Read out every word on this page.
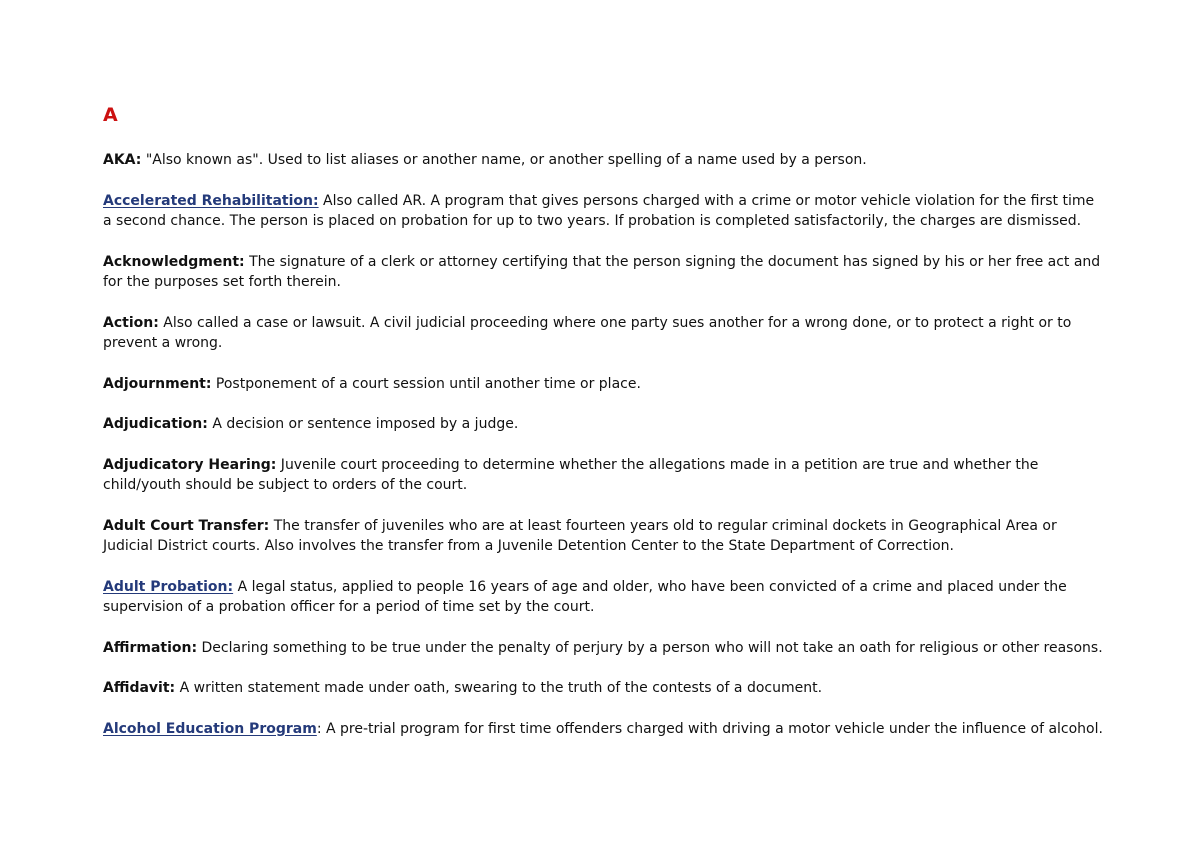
A

AKA: "Also known as". Used to list aliases or another name, or another spelling of a name used by a person.

Accelerated Rehabilitation: Also called AR. A program that gives persons charged with a crime or motor vehicle violation for the first time a second chance. The person is placed on probation for up to two years. If probation is completed satisfactorily, the charges are dismissed.

Acknowledgment: The signature of a clerk or attorney certifying that the person signing the document has signed by his or her free act and for the purposes set forth therein.

Action: Also called a case or lawsuit. A civil judicial proceeding where one party sues another for a wrong done, or to protect a right or to prevent a wrong.

Adjournment: Postponement of a court session until another time or place.

Adjudication: A decision or sentence imposed by a judge.

Adjudicatory Hearing: Juvenile court proceeding to determine whether the allegations made in a petition are true and whether the child/youth should be subject to orders of the court.

Adult Court Transfer: The transfer of juveniles who are at least fourteen years old to regular criminal dockets in Geographical Area or Judicial District courts. Also involves the transfer from a Juvenile Detention Center to the State Department of Correction.

Adult Probation: A legal status, applied to people 16 years of age and older, who have been convicted of a crime and placed under the supervision of a probation officer for a period of time set by the court.

Affirmation: Declaring something to be true under the penalty of perjury by a person who will not take an oath for religious or other reasons.

Affidavit: A written statement made under oath, swearing to the truth of the contests of a document.

Alcohol Education Program: A pre-trial program for first time offenders charged with driving a motor vehicle under the influence of alcohol.
